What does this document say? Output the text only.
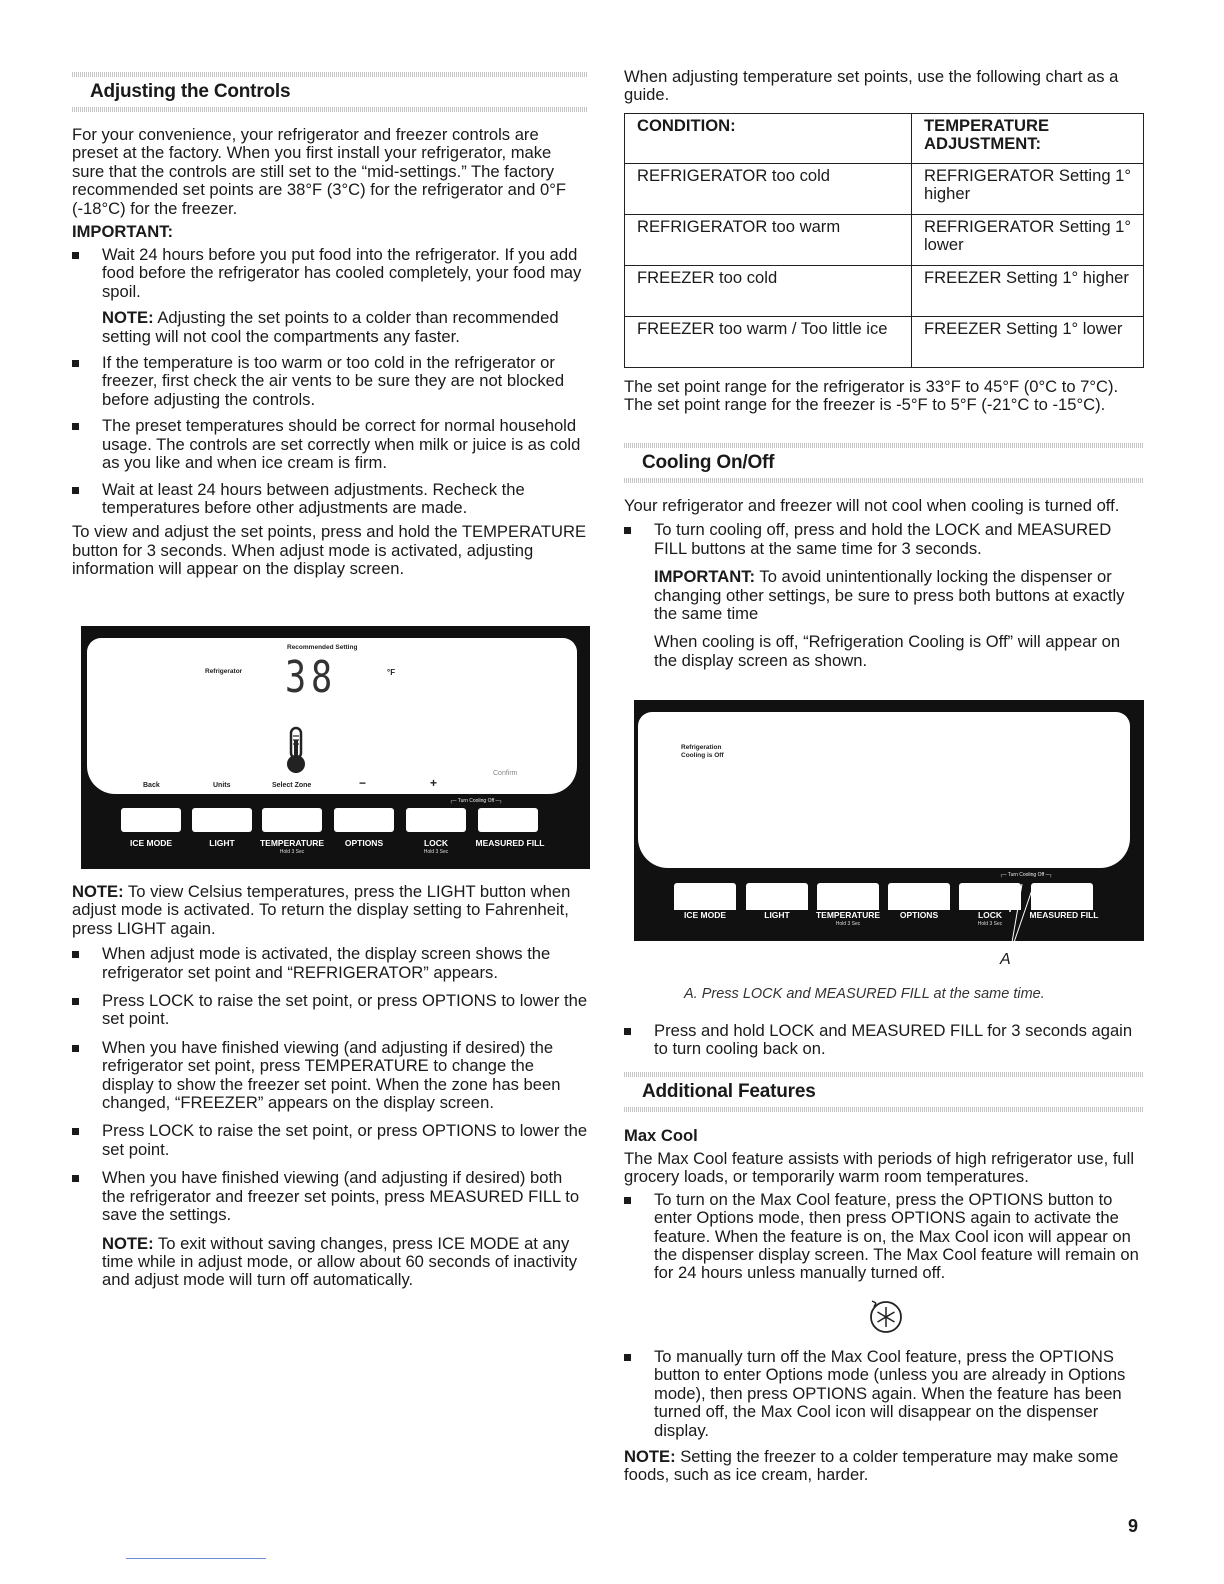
Adjusting the Controls

For your convenience, your refrigerator and freezer controls are preset at the factory. When you first install your refrigerator, make sure that the controls are still set to the “mid-settings.” The factory recommended set points are 38°F (3°C) for the refrigerator and 0°F (-18°C) for the freezer.

IMPORTANT:

Wait 24 hours before you put food into the refrigerator. If you add food before the refrigerator has cooled completely, your food may spoil.
NOTE: Adjusting the set points to a colder than recommended setting will not cool the compartments any faster.
If the temperature is too warm or too cold in the refrigerator or freezer, first check the air vents to be sure they are not blocked before adjusting the controls.
The preset temperatures should be correct for normal household usage. The controls are set correctly when milk or juice is as cold as you like and when ice cream is firm.
Wait at least 24 hours between adjustments. Recheck the temperatures before other adjustments are made.

To view and adjust the set points, press and hold the TEMPERATURE button for 3 seconds. When adjust mode is activated, adjusting information will appear on the display screen.

Recommended Setting
Refrigerator 38	°F
Back	Units	Select Zone	−	+
Confirm
┌─ Turn Cooling Off ─┐
ICE MODE	LIGHT	TEMPERATURE
Hold 3 Sec
OPTIONS	LOCK
Hold 3 Sec
MEASURED FILL

NOTE: To view Celsius temperatures, press the LIGHT button when adjust mode is activated. To return the display setting to Fahrenheit, press LIGHT again.

When adjust mode is activated, the display screen shows the refrigerator set point and “REFRIGERATOR” appears.
Press LOCK to raise the set point, or press OPTIONS to lower the set point.
When you have finished viewing (and adjusting if desired) the refrigerator set point, press TEMPERATURE to change the display to show the freezer set point. When the zone has been changed, “FREEZER” appears on the display screen.
Press LOCK to raise the set point, or press OPTIONS to lower the set point.
When you have finished viewing (and adjusting if desired) both the refrigerator and freezer set points, press MEASURED FILL to save the settings.
NOTE: To exit without saving changes, press ICE MODE at any time while in adjust mode, or allow about 60 seconds of inactivity and adjust mode will turn off automatically.

When adjusting temperature set points, use the following chart as a guide.

CONDITION:	TEMPERATURE ADJUSTMENT:
REFRIGERATOR too cold	REFRIGERATOR Setting 1° higher
REFRIGERATOR too warm	REFRIGERATOR Setting 1° lower
FREEZER too cold	FREEZER Setting 1° higher
FREEZER too warm / Too little ice	FREEZER Setting 1° lower

The set point range for the refrigerator is 33°F to 45°F (0°C to 7°C). The set point range for the freezer is -5°F to 5°F (-21°C to -15°C).

Cooling On/Off

Your refrigerator and freezer will not cool when cooling is turned off.

To turn cooling off, press and hold the LOCK and MEASURED FILL buttons at the same time for 3 seconds.
IMPORTANT: To avoid unintentionally locking the dispenser or changing other settings, be sure to press both buttons at exactly the same time
When cooling is off, “Refrigeration Cooling is Off” will appear on the display screen as shown.
Refrigeration
Cooling is Off
┌─ Turn Cooling Off ─┐
ICE MODE	LIGHT	TEMPERATURE
Hold 3 Sec
OPTIONS	LOCK
Hold 3 Sec
MEASURED FILL
A
A. Press LOCK and MEASURED FILL at the same time.
Press and hold LOCK and MEASURED FILL for 3 seconds again to turn cooling back on.
Additional Features

Max Cool

The Max Cool feature assists with periods of high refrigerator use, full grocery loads, or temporarily warm room temperatures.

To turn on the Max Cool feature, press the OPTIONS button to enter Options mode, then press OPTIONS again to activate the feature. When the feature is on, the Max Cool icon will appear on the dispenser display screen. The Max Cool feature will remain on for 24 hours unless manually turned off.
To manually turn off the Max Cool feature, press the OPTIONS button to enter Options mode (unless you are already in Options mode), then press OPTIONS again. When the feature has been turned off, the Max Cool icon will disappear on the dispenser display.

NOTE: Setting the freezer to a colder temperature may make some foods, such as ice cream, harder.

9
